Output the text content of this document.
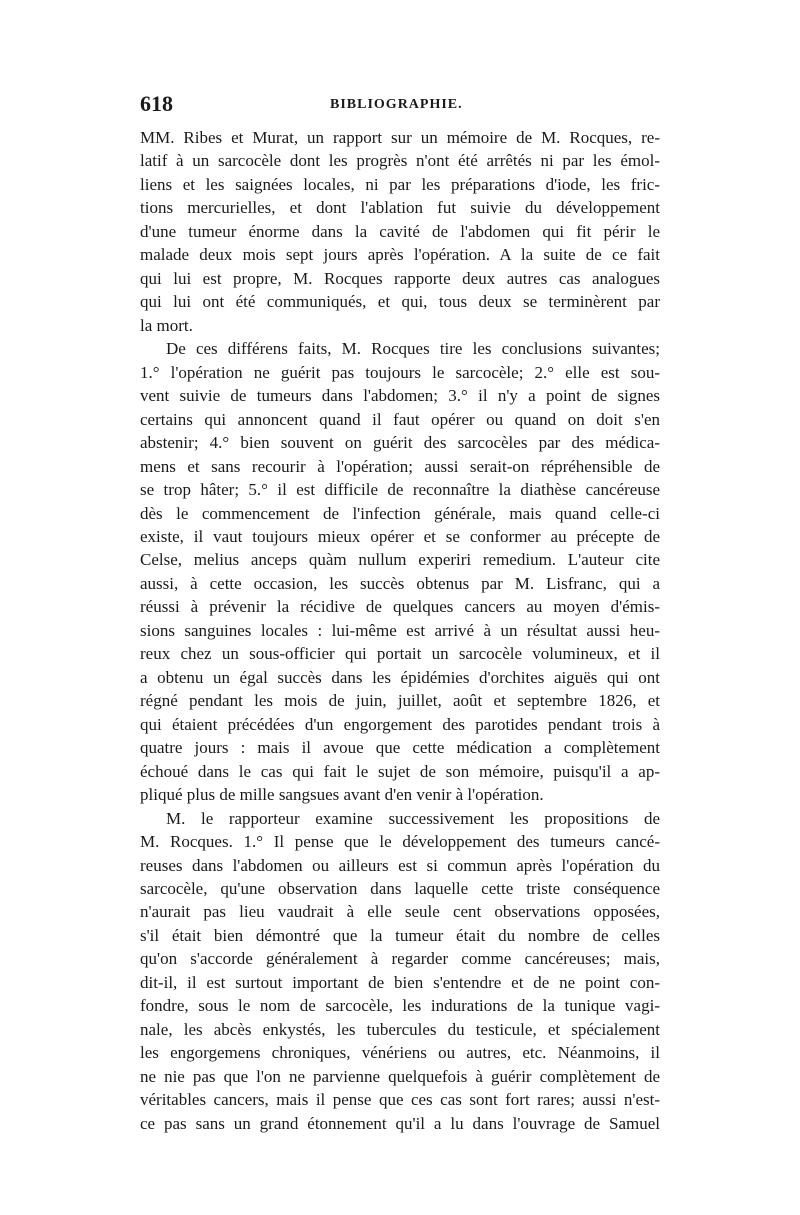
618	BIBLIOGRAPHIE.
MM. Ribes et Murat, un rapport sur un mémoire de M. Rocques, re-
latif à un sarcocèle dont les progrès n'ont été arrêtés ni par les émol-
liens et les saignées locales, ni par les préparations d'iode, les fric-
tions mercurielles, et dont l'ablation fut suivie du développement
d'une tumeur énorme dans la cavité de l'abdomen qui fit périr le
malade deux mois sept jours après l'opération. A la suite de ce fait
qui lui est propre, M. Rocques rapporte deux autres cas analogues
qui lui ont été communiqués, et qui, tous deux se terminèrent par
la mort.
De ces différens faits, M. Rocques tire les conclusions suivantes;
1.° l'opération ne guérit pas toujours le sarcocèle; 2.° elle est sou-
vent suivie de tumeurs dans l'abdomen; 3.° il n'y a point de signes
certains qui annoncent quand il faut opérer ou quand on doit s'en
abstenir; 4.° bien souvent on guérit des sarcocèles par des médica-
mens et sans recourir à l'opération; aussi serait-on répréhensible de
se trop hâter; 5.° il est difficile de reconnaître la diathèse cancéreuse
dès le commencement de l'infection générale, mais quand celle-ci
existe, il vaut toujours mieux opérer et se conformer au précepte de
Celse, melius anceps quàm nullum experiri remedium. L'auteur cite
aussi, à cette occasion, les succès obtenus par M. Lisfranc, qui a
réussi à prévenir la récidive de quelques cancers au moyen d'émis-
sions sanguines locales : lui-même est arrivé à un résultat aussi heu-
reux chez un sous-officier qui portait un sarcocèle volumineux, et il
a obtenu un égal succès dans les épidémies d'orchites aiguës qui ont
régné pendant les mois de juin, juillet, août et septembre 1826, et
qui étaient précédées d'un engorgement des parotides pendant trois à
quatre jours : mais il avoue que cette médication a complètement
échoué dans le cas qui fait le sujet de son mémoire, puisqu'il a ap-
pliqué plus de mille sangsues avant d'en venir à l'opération.
M. le rapporteur examine successivement les propositions de
M. Rocques. 1.° Il pense que le développement des tumeurs cancé-
reuses dans l'abdomen ou ailleurs est si commun après l'opération du
sarcocèle, qu'une observation dans laquelle cette triste conséquence
n'aurait pas lieu vaudrait à elle seule cent observations opposées,
s'il était bien démontré que la tumeur était du nombre de celles
qu'on s'accorde généralement à regarder comme cancéreuses; mais,
dit-il, il est surtout important de bien s'entendre et de ne point con-
fondre, sous le nom de sarcocèle, les indurations de la tunique vagi-
nale, les abcès enkystés, les tubercules du testicule, et spécialement
les engorgemens chroniques, vénériens ou autres, etc. Néanmoins, il
ne nie pas que l'on ne parvienne quelquefois à guérir complètement de
véritables cancers, mais il pense que ces cas sont fort rares; aussi n'est-
ce pas sans un grand étonnement qu'il a lu dans l'ouvrage de Samuel
